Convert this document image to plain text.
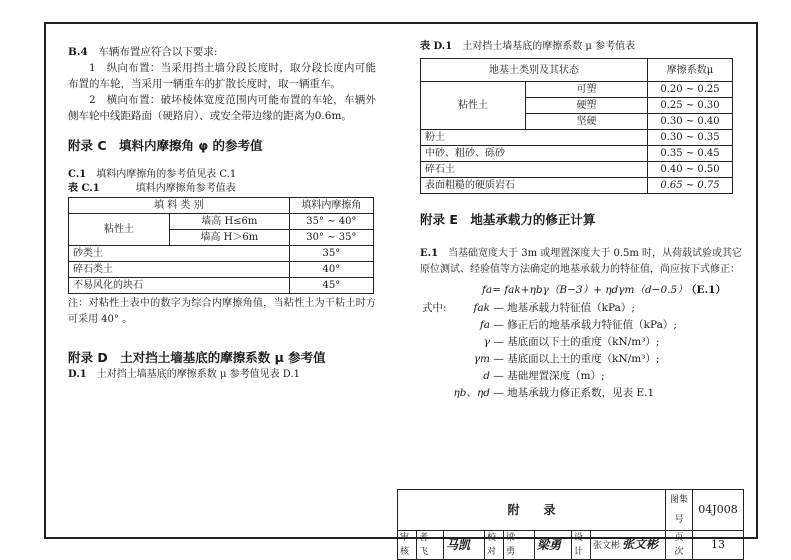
B.4　 车辆布置应符合以下要求:

1　纵向布置：当采用挡土墙分段长度时，取分段长度内可能布置的车轮，当采用一辆重车的扩散长度时，取一辆重车。

2　横向布置：破坏棱体宽度范围内可能布置的车轮，车辆外侧车轮中线距路面（硬路肩）、或安全带边缘的距离为0.6m。

附录 C　填料内摩擦角 φ 的参考值

C.1　 填料内摩擦角的参考值见表 C.1

表 C.1	填料内摩擦角参考值表

填 料 类 别		填料内摩擦角
粘性土	墙高 H≤6m	35° ~ 40°
	墙高 H＞6m	30° ~ 35°
砂类土		35°
碎石类土		40°
不易风化的块石		45°

注：对粘性土表中的数字为综合内摩擦角值，当粘性土为干粘土时方可采用 40° 。

附录 D　土对挡土墙基底的摩擦系数 μ 参考值

D.1　 土对挡土墙基底的摩擦系数 μ 参考值见表 D.1

表 D.1　 土对挡土墙基底的摩擦系数 μ 参考值表

地基土类别及其状态		摩擦系数μ
粘性土	可塑	0.20 ~ 0.25
	硬塑	0.25 ~ 0.30
	坚硬	0.30 ~ 0.40
粉土		0.30 ~ 0.35
中砂、粗砂、砾砂		0.35 ~ 0.45
碎石土		0.40 ~ 0.50
表面粗糙的硬质岩石		0.65 ~ 0.75
附录 E　地基承载力的修正计算

E.1　 当基础宽度大于 3m 或埋置深度大于 0.5m 时，从荷载试验或其它原位测试、经验值等方法确定的地基承载力的特征值，尚应按下式修正：

fa= fak+ηbγ（B−3）+ ηdγm（d−0.5）
（E.1）
式中:	fak — 地基承载力特征值（kPa）;
fa — 修正后的地基承载力特征值（kPa）;
γ — 基底面以下土的重度（kN/m³）;
γm — 基底面以上土的重度（kN/m³）;
d — 基础埋置深度（m）;
ηb、ηd — 地基承载力修正系数，见表 E.1
附　　录								图集号	04J008
审核	者　飞	马凯	校对	梁　勇	梁勇	设计	张文彬 张文彬	页　次	13
